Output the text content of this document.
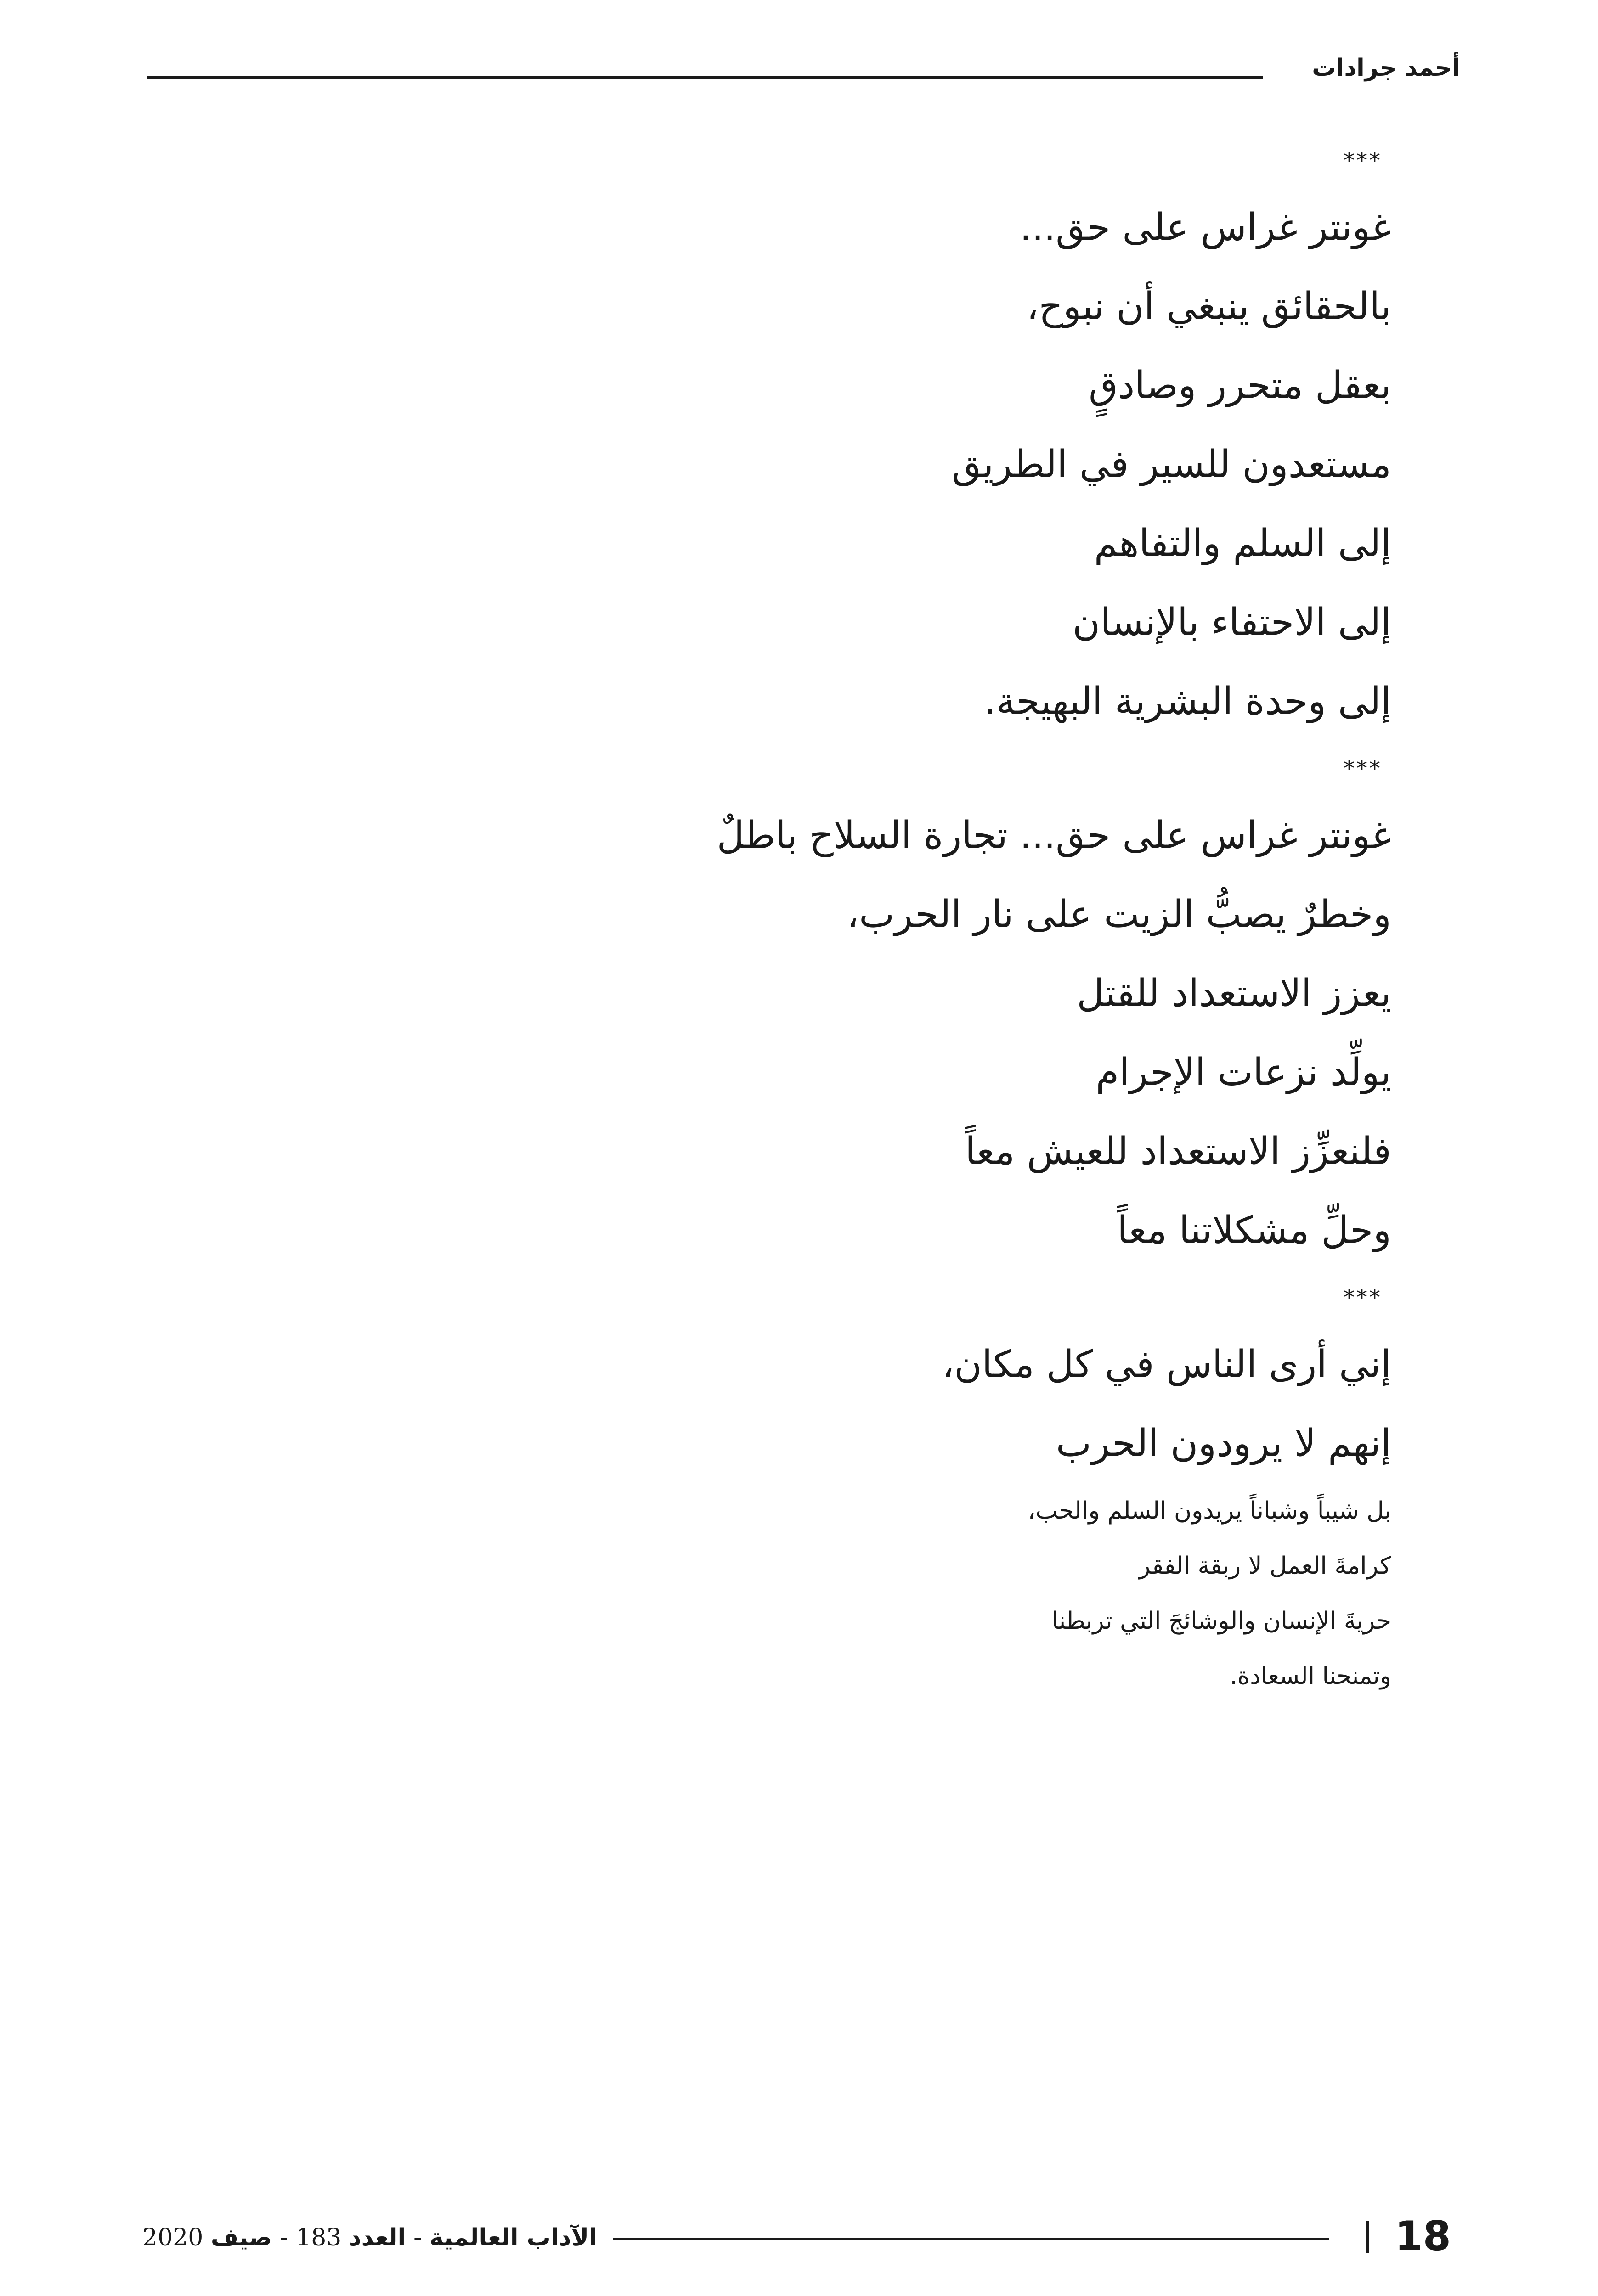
أحمد جرادات
***
غونتر غراس على حق...
بالحقائق ينبغي أن نبوح،
بعقل متحرر وصادقٍ
مستعدون للسير في الطريق
إلى السلم والتفاهم
إلى الاحتفاء بالإنسان
إلى وحدة البشرية البهيجة.
***
غونتر غراس على حق... تجارة السلاح باطلٌ
وخطرٌ يصبُّ الزيت على نار الحرب،
يعزز الاستعداد للقتل
يولِّد نزعات الإجرام
فلنعزِّز الاستعداد للعيش معاً
وحلِّ مشكلاتنا معاً
***
إني أرى الناس في كل مكان،
إنهم لا يرودون الحرب
بل شيباً وشباناً يريدون السلم والحب،
كرامةَ العمل لا ربقة الفقر
حريةَ الإنسان والوشائجَ التي تربطنا
وتمنحنا السعادة.
18
الآداب العالمية - العدد 183 - صيف 2020
